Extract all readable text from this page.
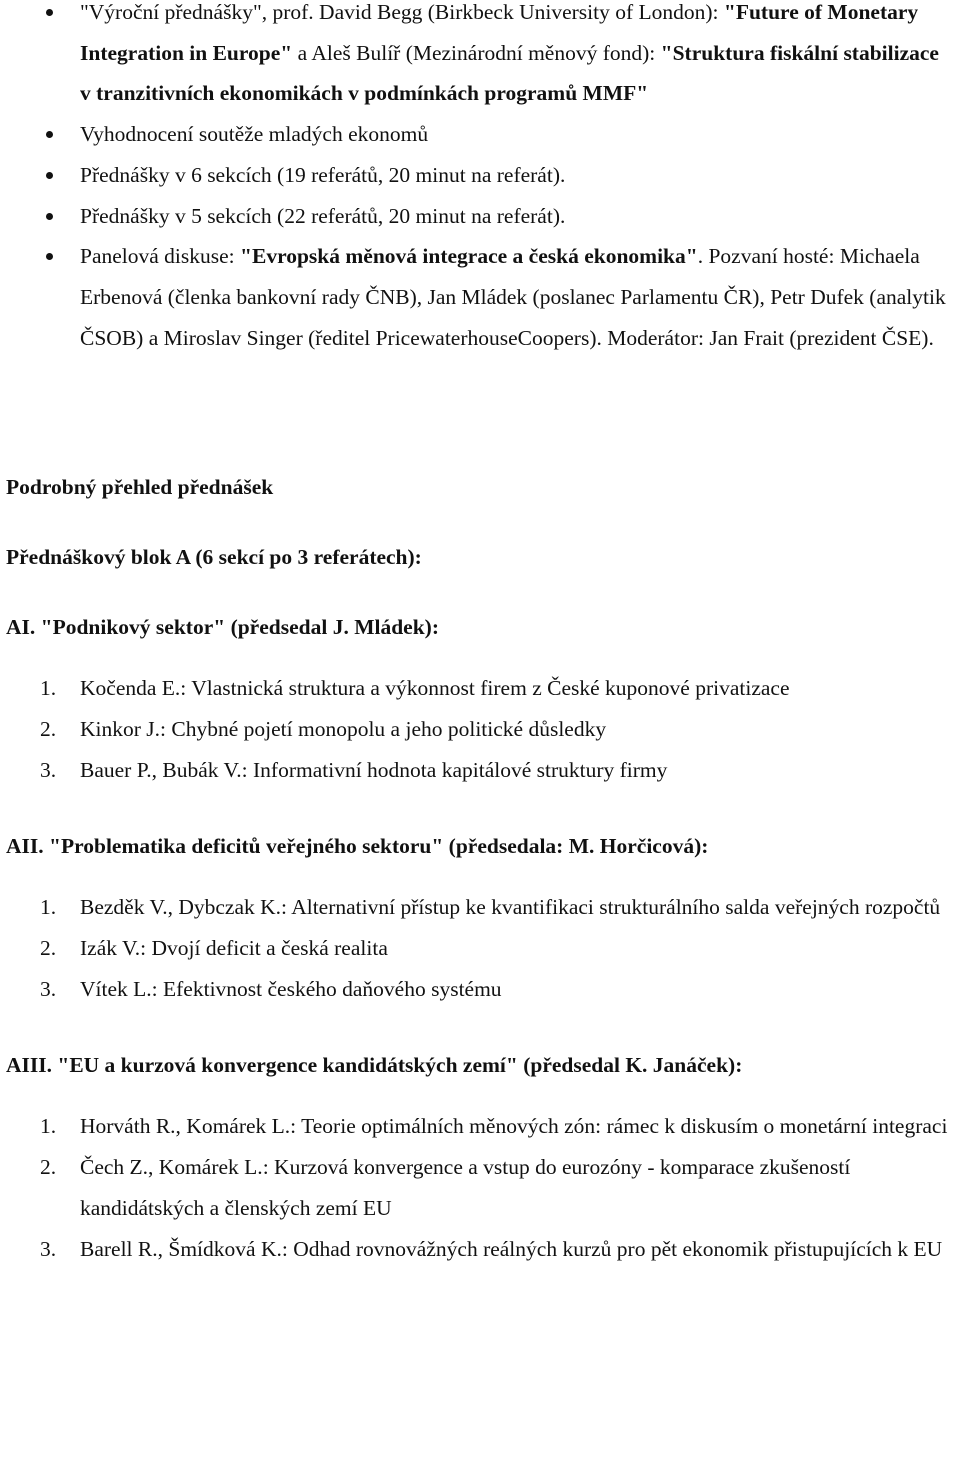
"Výroční přednášky", prof. David Begg (Birkbeck University of London): "Future of Monetary Integration in Europe" a Aleš Bulíř (Mezinárodní měnový fond): "Struktura fiskální stabilizace v tranzitivních ekonomikách v podmínkách programů MMF"
Vyhodnocení soutěže mladých ekonomů
Přednášky v 6 sekcích (19 referátů, 20 minut na referát).
Přednášky v 5 sekcích (22 referátů, 20 minut na referát).
Panelová diskuse: "Evropská měnová integrace a česká ekonomika". Pozvaní hosté: Michaela Erbenová (členka bankovní rady ČNB), Jan Mládek (poslanec Parlamentu ČR), Petr Dufek (analytik ČSOB) a Miroslav Singer (ředitel PricewaterhouseCoopers). Moderátor: Jan Frait (prezident ČSE).
Podrobný přehled přednášek
Přednáškový blok A (6 sekcí po 3 referátech):
AI. "Podnikový sektor" (předsedal J. Mládek):
1. Kočenda E.: Vlastnická struktura a výkonnost firem z České kuponové privatizace
2. Kinkor J.: Chybné pojetí monopolu a jeho politické důsledky
3. Bauer P., Bubák V.: Informativní hodnota kapitálové struktury firmy
AII. "Problematika deficitů veřejného sektoru" (předsedala: M. Horčicová):
1. Bezděk V., Dybczak K.: Alternativní přístup ke kvantifikaci strukturálního salda veřejných rozpočtů
2. Izák V.: Dvojí deficit a česká realita
3. Vítek L.: Efektivnost českého daňového systému
AIII. "EU a kurzová konvergence kandidátských zemí" (předsedal K. Janáček):
1. Horváth R., Komárek L.: Teorie optimálních měnových zón: rámec k diskusím o monetární integraci
2. Čech Z., Komárek L.: Kurzová konvergence a vstup do eurozóny - komparace zkušeností kandidátských a členských zemí EU
3. Barell R., Šmídková K.: Odhad rovnovážných reálných kurzů pro pět ekonomik přistupujících k EU
